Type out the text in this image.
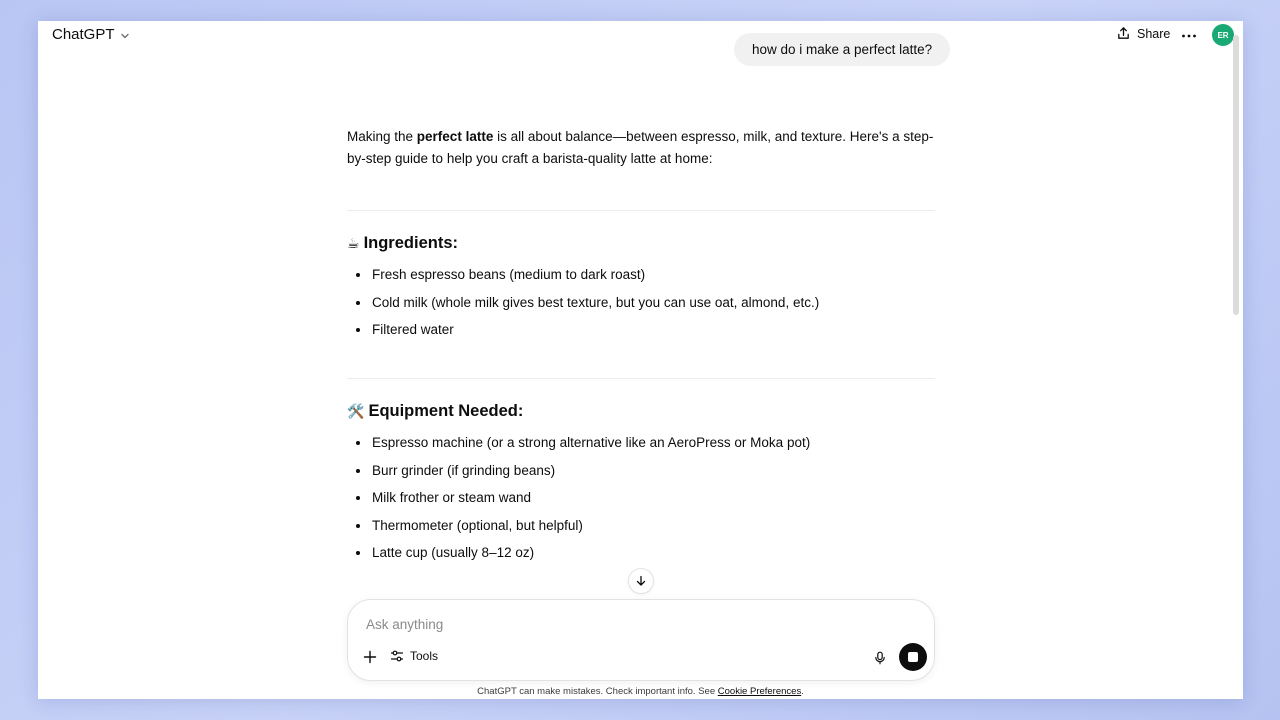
ChatGPT	Share	ER
how do i make a perfect latte?

Making the perfect latte is all about balance—between espresso, milk, and texture. Here's a step-by-step guide to help you craft a barista-quality latte at home:

☕ Ingredients:
Fresh espresso beans (medium to dark roast)
Cold milk (whole milk gives best texture, but you can use oat, almond, etc.)
Filtered water
🛠️ Equipment Needed:
Espresso machine (or a strong alternative like an AeroPress or Moka pot)
Burr grinder (if grinding beans)
Milk frother or steam wand
Thermometer (optional, but helpful)
Latte cup (usually 8–12 oz)
Ask anything
Tools
ChatGPT can make mistakes. Check important info. See Cookie Preferences.
